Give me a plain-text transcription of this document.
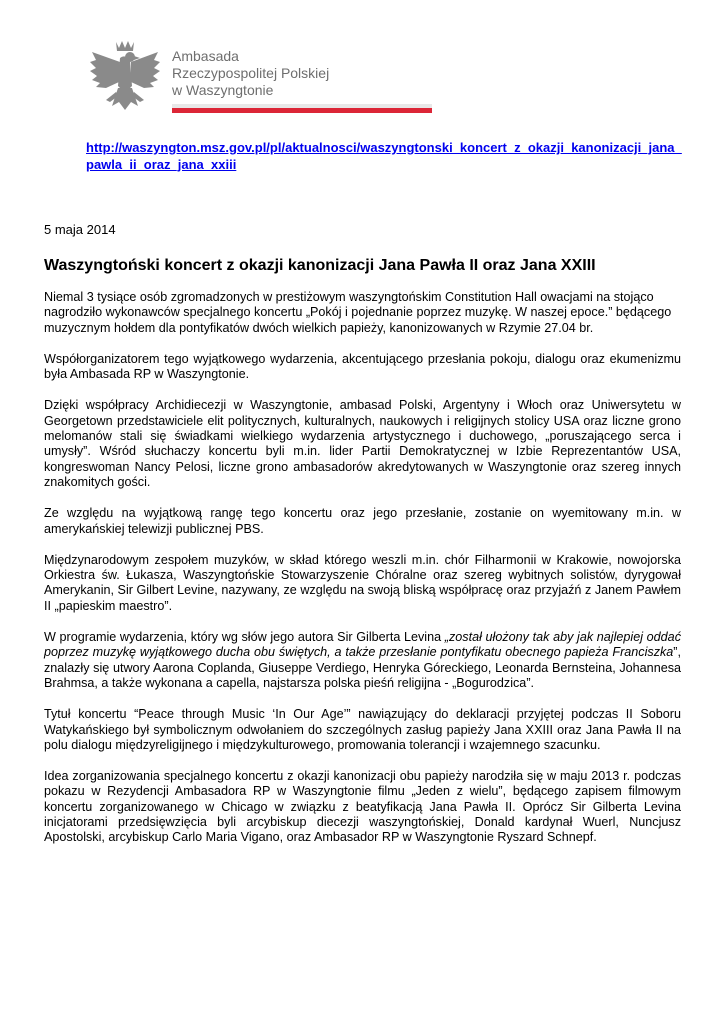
Ambasada
Rzeczypospolitej Polskiej
w Waszyngtonie
http://waszyngton.msz.gov.pl/pl/aktualnosci/waszyngtonski_koncert_z_okazji_kanonizacji_jana_pawla_ii_oraz_jana_xxiii
5 maja 2014
Waszyngtoński koncert z okazji kanonizacji Jana Pawła II oraz Jana XXIII

Niemal 3 tysiące osób zgromadzonych w prestiżowym waszyngtońskim Constitution Hall owacjami na stojąco nagrodziło wykonawców specjalnego koncertu „Pokój i pojednanie poprzez muzykę. W naszej epoce.” będącego muzycznym hołdem dla pontyfikatów dwóch wielkich papieży, kanonizowanych w Rzymie 27.04 br.

Współorganizatorem tego wyjątkowego wydarzenia, akcentującego przesłania pokoju, dialogu oraz ekumenizmu była Ambasada RP w Waszyngtonie.

Dzięki współpracy Archidiecezji w Waszyngtonie, ambasad Polski, Argentyny i Włoch oraz Uniwersytetu w Georgetown przedstawiciele elit politycznych, kulturalnych, naukowych i religijnych stolicy USA oraz liczne grono melomanów stali się świadkami wielkiego wydarzenia artystycznego i duchowego, „poruszającego serca i umysły”. Wśród słuchaczy koncertu byli m.in. lider Partii Demokratycznej w Izbie Reprezentantów USA, kongreswoman Nancy Pelosi, liczne grono ambasadorów akredytowanych w Waszyngtonie oraz szereg innych znakomitych gości.

Ze względu na wyjątkową rangę tego koncertu oraz jego przesłanie, zostanie on wyemitowany m.in. w amerykańskiej telewizji publicznej PBS.

Międzynarodowym zespołem muzyków, w skład którego weszli m.in. chór Filharmonii w Krakowie, nowojorska Orkiestra św. Łukasza, Waszyngtońskie Stowarzyszenie Chóralne oraz szereg wybitnych solistów, dyrygował Amerykanin, Sir Gilbert Levine, nazywany, ze względu na swoją bliską współpracę oraz przyjaźń z Janem Pawłem II „papieskim maestro”.

W programie wydarzenia, który wg słów jego autora Sir Gilberta Levina „został ułożony tak aby jak najlepiej oddać poprzez muzykę wyjątkowego ducha obu świętych, a także przesłanie pontyfikatu obecnego papieża Franciszka”, znalazły się utwory Aarona Coplanda, Giuseppe Verdiego, Henryka Góreckiego, Leonarda Bernsteina, Johannesa Brahmsa, a także wykonana a capella, najstarsza polska pieśń religijna - „Bogurodzica”.

Tytuł koncertu “Peace through Music ‘In Our Age’” nawiązujący do deklaracji przyjętej podczas II Soboru Watykańskiego był symbolicznym odwołaniem do szczególnych zasług papieży Jana XXIII oraz Jana Pawła II na polu dialogu międzyreligijnego i międzykulturowego, promowania tolerancji i wzajemnego szacunku.

Idea zorganizowania specjalnego koncertu z okazji kanonizacji obu papieży narodziła się w maju 2013 r. podczas pokazu w Rezydencji Ambasadora RP w Waszyngtonie filmu „Jeden z wielu”, będącego zapisem filmowym koncertu zorganizowanego w Chicago w związku z beatyfikacją Jana Pawła II. Oprócz Sir Gilberta Levina inicjatorami przedsięwzięcia byli arcybiskup diecezji waszyngtońskiej, Donald kardynał Wuerl, Nuncjusz Apostolski, arcybiskup Carlo Maria Vigano, oraz Ambasador RP w Waszyngtonie Ryszard Schnepf.
